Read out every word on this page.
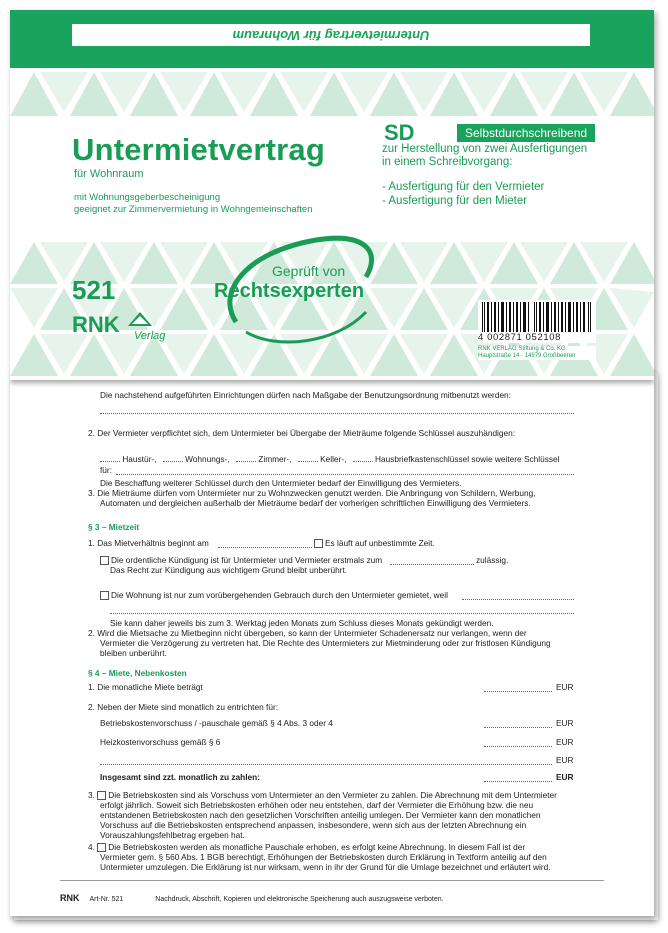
Untermietvertrag für Wohnraum
Untermietvertrag
für Wohnraum
mit Wohnungsgeberbescheinigung
geeignet zur Zimmervermietung in Wohngemeinschaften
SD	Selbstdurchschreibend
zur Herstellung von zwei Ausfertigungen
in einem Schreibvorgang:
- Ausfertigung für den Vermieter
- Ausfertigung für den Mieter
521
RNK Verlag
Geprüft von
Rechtsexperten
4 002871 052108
RNK VERLAG Stiftung & Co. KG
Hauptstraße 14 · 14979 Großbeeren
Die nachstehend aufgeführten Einrichtungen dürfen nach Maßgabe der Benutzungsordnung mitbenutzt werden:
2. Der Vermieter verpflichtet sich, dem Untermieter bei Übergabe der Mieträume folgende Schlüssel auszuhändigen:
Haustür-,	Wohnungs-,	Zimmer-,	Keller-,	Hausbriefkastenschlüssel sowie weitere Schlüssel
für:
Die Beschaffung weiterer Schlüssel durch den Untermieter bedarf der Einwilligung des Vermieters.
3. Die Mieträume dürfen vom Untermieter nur zu Wohnzwecken genutzt werden. Die Anbringung von Schildern, Werbung,
Automaten und dergleichen außerhalb der Mieträume bedarf der vorherigen schriftlichen Einwilligung des Vermieters.
§ 3 – Mietzeit
1. Das Mietverhältnis beginnt am	Es läuft auf unbestimmte Zeit.
Die ordentliche Kündigung ist für Untermieter und Vermieter erstmals zum	zulässig.
Das Recht zur Kündigung aus wichtigem Grund bleibt unberührt.
Die Wohnung ist nur zum vorübergehenden Gebrauch durch den Untermieter gemietet, weil
Sie kann daher jeweils bis zum 3. Werktag jeden Monats zum Schluss dieses Monats gekündigt werden.
2. Wird die Mietsache zu Mietbeginn nicht übergeben, so kann der Untermieter Schadenersatz nur verlangen, wenn der
Vermieter die Verzögerung zu vertreten hat. Die Rechte des Untermieters zur Mietminderung oder zur fristlosen Kündigung
bleiben unberührt.
§ 4 – Miete, Nebenkosten
1. Die monatliche Miete beträgt	EUR
2. Neben der Miete sind monatlich zu entrichten für:
Betriebskostenvorschuss / -pauschale gemäß § 4 Abs. 3 oder 4	EUR
Heizkostenvorschuss gemäß § 6	EUR
EUR
Insgesamt sind zzt. monatlich zu zahlen:	EUR
3. Die Betriebskosten sind als Vorschuss vom Untermieter an den Vermieter zu zahlen. Die Abrechnung mit dem Untermieter
erfolgt jährlich. Soweit sich Betriebskosten erhöhen oder neu entstehen, darf der Vermieter die Erhöhung bzw. die neu
entstandenen Betriebskosten nach den gesetzlichen Vorschriften anteilig umlegen. Der Vermieter kann den monatlichen
Vorschuss auf die Betriebskosten entsprechend anpassen, insbesondere, wenn sich aus der letzten Abrechnung ein
Vorauszahlungsfehlbetrag ergeben hat.
4. Die Betriebskosten werden als monatliche Pauschale erhoben, es erfolgt keine Abrechnung. In diesem Fall ist der
Vermieter gem. § 560 Abs. 1 BGB berechtigt, Erhöhungen der Betriebskosten durch Erklärung in Textform anteilig auf den
Untermieter umzulegen. Die Erklärung ist nur wirksam, wenn in ihr der Grund für die Umlage bezeichnet und erläutert wird.
RNK Art-Nr. 521	Nachdruck, Abschrift, Kopieren und elektronische Speicherung auch auszugsweise verboten.
